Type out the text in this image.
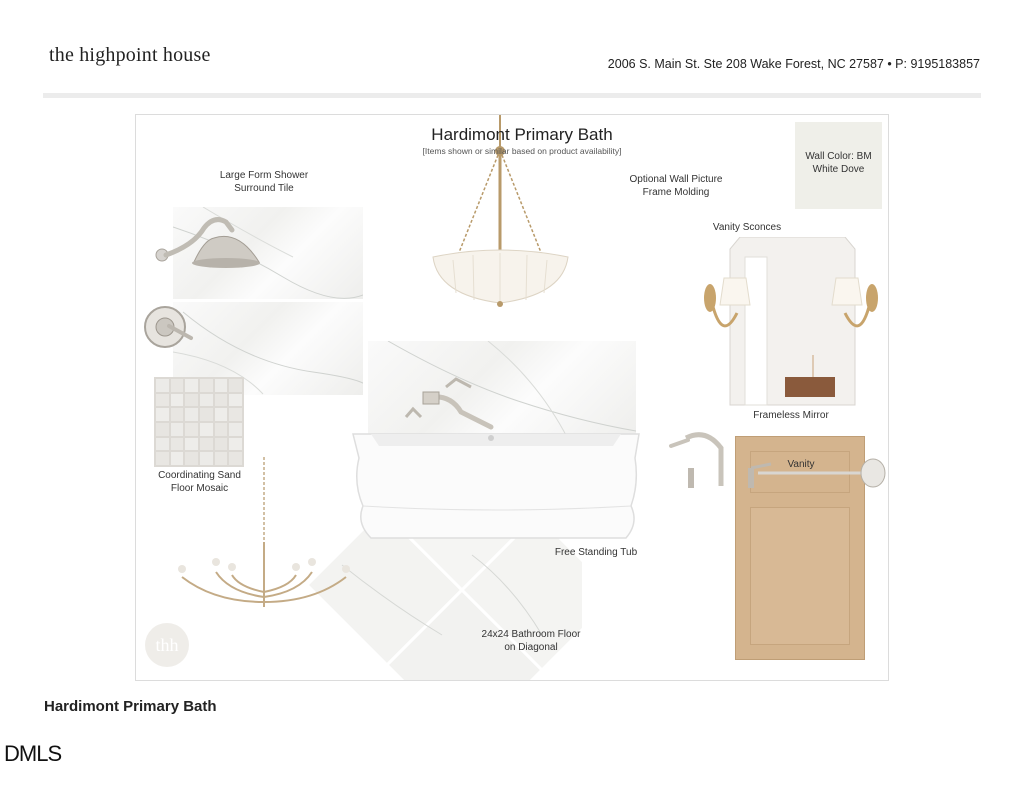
the highpoint house	2006 S. Main St. Ste 208 Wake Forest, NC 27587 • P: 9195183857
Wall Color: BM White Dove
thh
Hardimont Primary Bath
[Items shown or similar based on product availability]
Large Form Shower Surround Tile
Optional Wall Picture Frame Molding
Vanity Sconces
Frameless Mirror
Vanity
Coordinating Sand Floor Mosaic
Free Standing Tub
24x24 Bathroom Floor on Diagonal
Hardimont Primary Bath
DMLS
